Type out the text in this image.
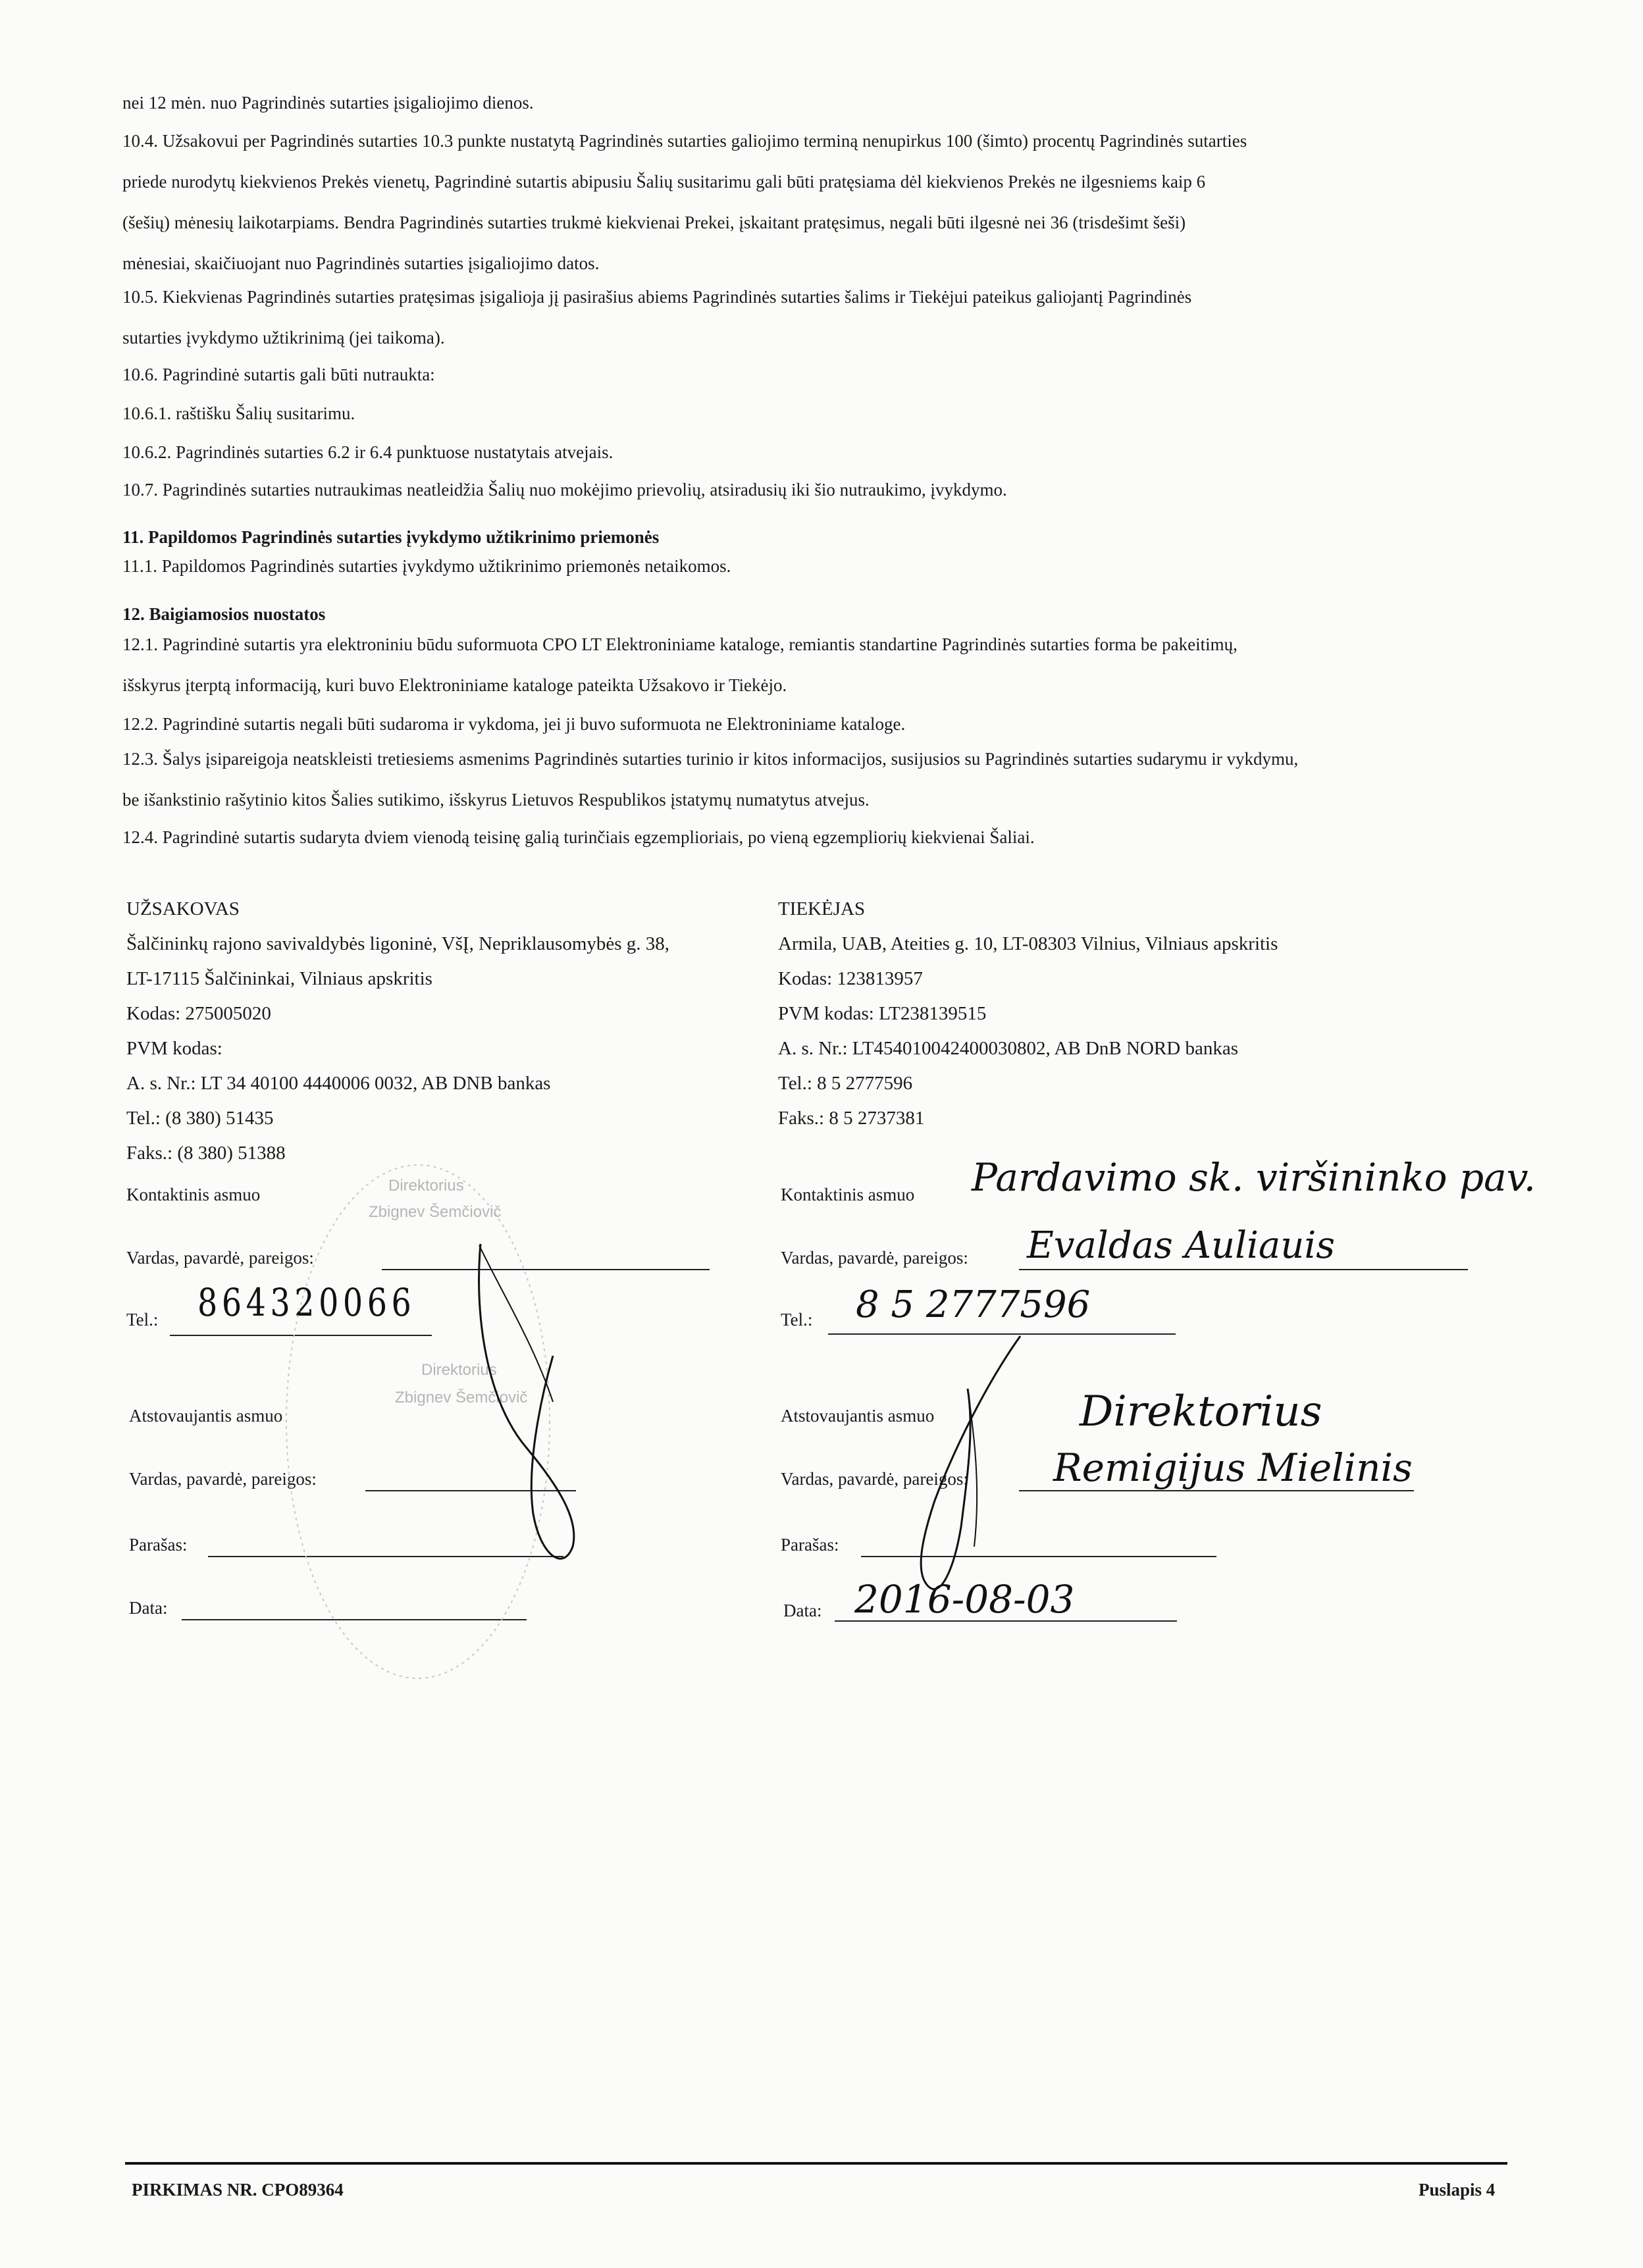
nei 12 mėn. nuo Pagrindinės sutarties įsigaliojimo dienos.
10.4. Užsakovui per Pagrindinės sutarties 10.3 punkte nustatytą Pagrindinės sutarties galiojimo terminą nenupirkus 100 (šimto) procentų Pagrindinės sutarties
priede nurodytų kiekvienos Prekės vienetų, Pagrindinė sutartis abipusiu Šalių susitarimu gali būti pratęsiama dėl kiekvienos Prekės ne ilgesniems kaip 6
(šešių) mėnesių laikotarpiams. Bendra Pagrindinės sutarties trukmė kiekvienai Prekei, įskaitant pratęsimus, negali būti ilgesnė nei 36 (trisdešimt šeši)
mėnesiai, skaičiuojant nuo Pagrindinės sutarties įsigaliojimo datos.
10.5. Kiekvienas Pagrindinės sutarties pratęsimas įsigalioja jį pasirašius abiems Pagrindinės sutarties šalims ir Tiekėjui pateikus galiojantį Pagrindinės
sutarties įvykdymo užtikrinimą (jei taikoma).
10.6. Pagrindinė sutartis gali būti nutraukta:
10.6.1. raštišku Šalių susitarimu.
10.6.2. Pagrindinės sutarties 6.2 ir 6.4 punktuose nustatytais atvejais.
10.7. Pagrindinės sutarties nutraukimas neatleidžia Šalių nuo mokėjimo prievolių, atsiradusių iki šio nutraukimo, įvykdymo.
11. Papildomos Pagrindinės sutarties įvykdymo užtikrinimo priemonės
11.1. Papildomos Pagrindinės sutarties įvykdymo užtikrinimo priemonės netaikomos.
12. Baigiamosios nuostatos
12.1. Pagrindinė sutartis yra elektroniniu būdu suformuota CPO LT Elektroniniame kataloge, remiantis standartine Pagrindinės sutarties forma be pakeitimų,
išskyrus įterptą informaciją, kuri buvo Elektroniniame kataloge pateikta Užsakovo ir Tiekėjo.
12.2. Pagrindinė sutartis negali būti sudaroma ir vykdoma, jei ji buvo suformuota ne Elektroniniame kataloge.
12.3. Šalys įsipareigoja neatskleisti tretiesiems asmenims Pagrindinės sutarties turinio ir kitos informacijos, susijusios su Pagrindinės sutarties sudarymu ir vykdymu,
be išankstinio rašytinio kitos Šalies sutikimo, išskyrus Lietuvos Respublikos įstatymų numatytus atvejus.
12.4. Pagrindinė sutartis sudaryta dviem vienodą teisinę galią turinčiais egzemplioriais, po vieną egzempliorių kiekvienai Šaliai.
UŽSAKOVAS
Šalčininkų rajono savivaldybės ligoninė, VšĮ, Nepriklausomybės g. 38,
LT-17115 Šalčininkai, Vilniaus apskritis
Kodas: 275005020
PVM kodas:
A. s. Nr.: LT 34 40100 4440006 0032, AB DNB bankas
Tel.: (8 380) 51435
Faks.: (8 380) 51388
TIEKĖJAS
Armila, UAB, Ateities g. 10, LT-08303 Vilnius, Vilniaus apskritis
Kodas: 123813957
PVM kodas: LT238139515
A. s. Nr.: LT454010042400030802, AB DnB NORD bankas
Tel.: 8 5 2777596
Faks.: 8 5 2737381
Kontaktinis asmuo
Vardas, pavardė, pareigos:
Tel.: 864320066
Atstovaujantis asmuo
Vardas, pavardė, pareigos:
Parašas:
Data:
Direktorius
Zbignev Šemčiovič
Direktorius
Zbignev Šemčiovič
Kontaktinis asmuo Pardavimo sk. viršininko pav.
Vardas, pavardė, pareigos: Evaldas Auliauis
Tel.: 8 5 2777596
Atstovaujantis asmuo	Direktorius
Vardas, pavardė, pareigos: Remigijus Mielinis
Parašas:
Data: 2016-08-03
PIRKIMAS NR. CPO89364	Puslapis 4
